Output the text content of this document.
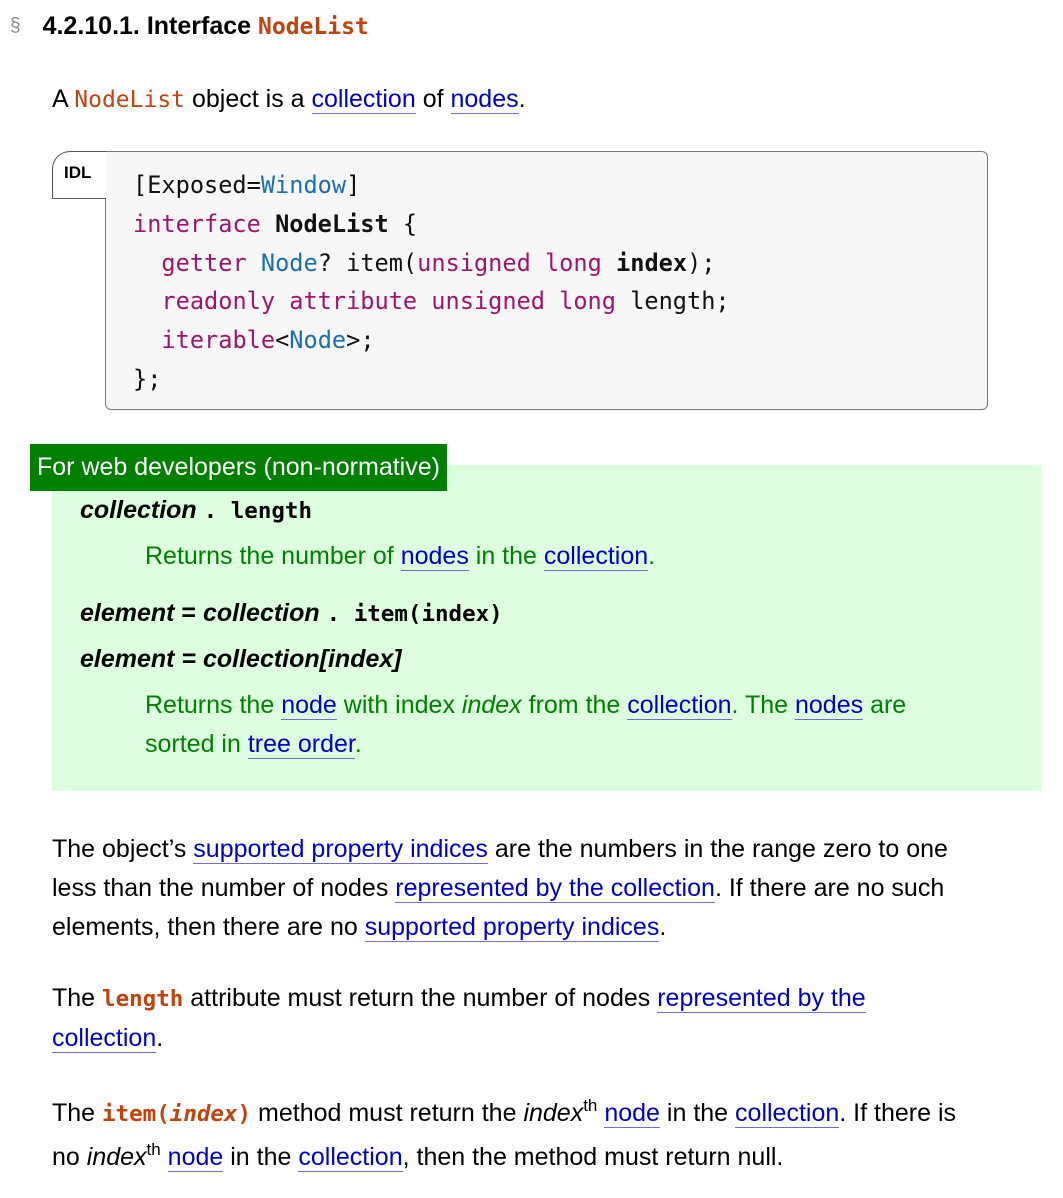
§ 4.2.10.1. Interface NodeList
A NodeList object is a collection of nodes.
IDL	[Exposed=Window]
interface NodeList {
getter Node? item(unsigned long index);
readonly attribute unsigned long length;
iterable<Node>;
};
For web developers (non-normative)
collection . length
Returns the number of nodes in the collection.
element = collection . item(index)
element = collection[index]
Returns the node with index index from the collection. The nodes are
sorted in tree order.
The object’s supported property indices are the numbers in the range zero to one
less than the number of nodes represented by the collection. If there are no such
elements, then there are no supported property indices.
The length attribute must return the number of nodes represented by the
collection.
The item(index) method must return the index$^{th}$ node in the collection. If there is
no index$^{th}$ node in the collection, then the method must return null.
